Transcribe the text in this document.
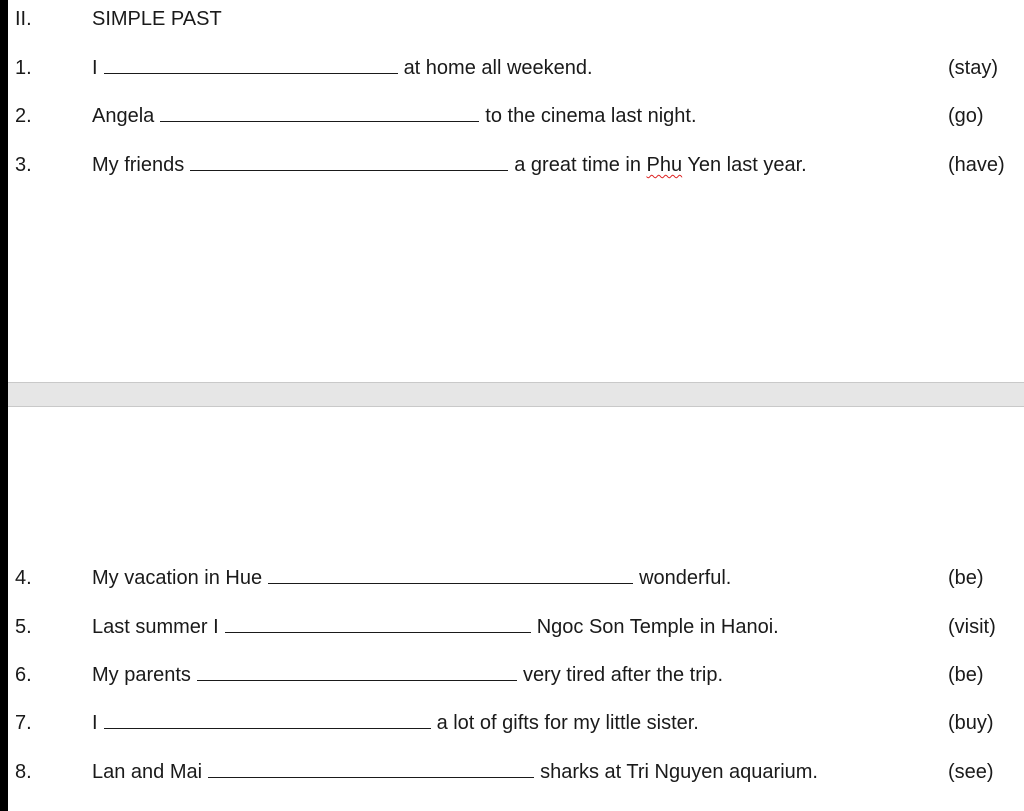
II.	SIMPLE PAST
1.	I	at home all weekend.	(stay)
2.	Angela	to the cinema last night.	(go)
3.	My friends	a great time in Phu Yen last year.	(have)
4.	My vacation in Hue	wonderful.	(be)
5.	Last summer I	Ngoc Son Temple in Hanoi.	(visit)
6.	My parents	very tired after the trip.	(be)
7.	I	a lot of gifts for my little sister.	(buy)
8.	Lan and Mai	sharks at Tri Nguyen aquarium.	(see)
